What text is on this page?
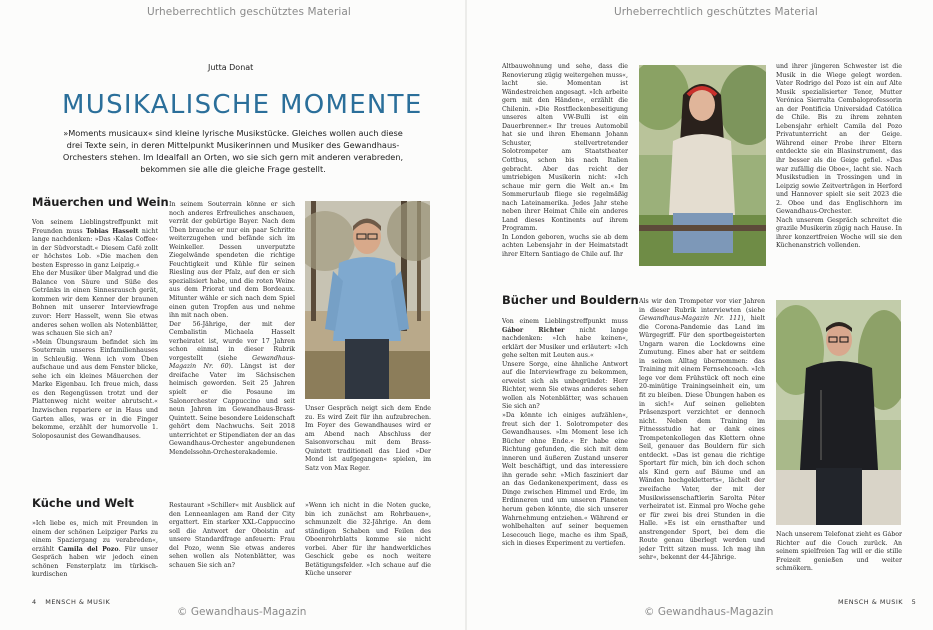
Urheberrechtlich geschütztes Material	Urheberrechtlich geschütztes Material
Jutta Donat
MUSIKALISCHE MOMENTE
»Moments musicaux« sind kleine lyrische Musikstücke. Gleiches wollen auch diese drei Texte sein, in deren Mittelpunkt Musikerinnen und Musiker des Gewandhaus-Orchesters stehen. Im Idealfall an Orten, wo sie sich gern mit anderen verabreden, bekommen sie alle die gleiche Frage gestellt.
Mäuerchen und Wein
Küche und Welt
Bücher und Bouldern

Von seinem Lieblingstreffpunkt mit Freunden muss Tobias Hasselt nicht lange nachdenken: »Das ›Kalas Coffee‹ in der Südvorstadt.« Diesem Café zollt er höchstes Lob. »Die machen den besten Espresso in ganz Leipzig.«

Ehe der Musiker über Malgrad und die Balance von Säure und Süße des Getränks in einen Sinnesrausch gerät, kommen wir dem Kenner der braunen Bohnen mit unserer Interviewfrage zuvor: Herr Hasselt, wenn Sie etwas anderes sehen wollen als Notenblätter, was schauen Sie sich an?

»Mein Übungsraum befindet sich im Souterrain unseres Einfamilienhauses in Schleußig. Wenn ich vom Üben aufschaue und aus dem Fenster blicke, sehe ich ein kleines Mäuerchen der Marke Eigenbau. Ich freue mich, dass es den Regengüssen trotzt und der Plattenweg nicht weiter abrutscht.« Inzwischen repariere er in Haus und Garten alles, was er in die Finger bekomme, erzählt der humorvolle 1. Soloposaunist des Gewandhauses.

In seinem Souterrain könne er sich noch anderes Erfreuliches anschauen, verrät der gebürtige Bayer. Nach dem Üben brauche er nur ein paar Schritte weiterzugehen und befände sich im Weinkeller. Dessen unverputzte Ziegelwände spendeten die richtige Feuchtigkeit und Kühle für seinen Riesling aus der Pfalz, auf den er sich spezialisiert habe, und die roten Weine aus dem Priorat und dem Bordeaux. Mitunter wähle er sich nach dem Spiel einen guten Tropfen aus und nehme ihn mit nach oben.

Der 56-Jährige, der mit der Cembalistin Michaela Hasselt verheiratet ist, wurde vor 17 Jahren schon einmal in dieser Rubrik vorgestellt (siehe Gewandhaus-Magazin Nr. 60). Längst ist der dreifache Vater im Sächsischen heimisch geworden. Seit 25 Jahren spielt er die Posaune im Salonorchester Cappuccino und seit neun Jahren im Gewandhaus-Brass-Quintett. Seine besondere Leidenschaft gehört dem Nachwuchs. Seit 2018 unterrichtet er Stipendiaten der an das Gewandhaus-Orchester angebundenen Mendelssohn-Orchesterakademie.

Unser Gespräch neigt sich dem Ende zu. Es wird Zeit für ihn aufzubrechen. Im Foyer des Gewandhauses wird er am Abend nach Abschluss der Saisonvorschau mit dem Brass-Quintett traditionell das Lied »Der Mond ist aufgegangen« spielen, im Satz von Max Reger.

»Ich liebe es, mich mit Freunden in einem der schönen Leipziger Parks zu einem Spaziergang zu verabreden«, erzählt Camila del Pozo. Für unser Gespräch haben wir jedoch einen schönen Fensterplatz im türkisch-kurdischen

Restaurant »Schiller« mit Ausblick auf den Lenneanlagen am Rand der City ergattert. Ein starker XXL-Cappuccino soll die Antwort der Oboistin auf unsere Standardfrage anfeuern: Frau del Pozo, wenn Sie etwas anderes sehen wollen als Notenblätter, was schauen Sie sich an?

»Wenn ich nicht in die Noten gucke, bin ich zunächst am Rohrbauen«, schmunzelt die 32-Jährige. An dem ständigen Schaben und Feilen des Oboenrohrblatts komme sie nicht vorbei. Aber für ihr handwerkliches Geschick gebe es noch weitere Betätigungsfelder. »Ich schaue auf die Küche unserer

Altbauwohnung und sehe, dass die Renovierung zügig weitergehen muss«, lacht sie. Momentan ist Wändestreichen angesagt. »Ich arbeite gern mit den Händen«, erzählt die Chilenin. »Die Rostfleckenbeseitigung unseres alten VW-Bulli ist ein Dauerbrenner.« Ihr treues Automobil hat sie und ihren Ehemann Johann Schuster, stellvertretender Solotrompeter am Staatstheater Cottbus, schon bis nach Italien gebracht. Aber das reicht der umtriebigen Musikerin nicht: »Ich schaue mir gern die Welt an.« Im Sommerurlaub fliege sie regelmäßig nach Lateinamerika. Jedes Jahr stehe neben ihrer Heimat Chile ein anderes Land dieses Kontinents auf ihrem Programm.

In London geboren, wuchs sie ab dem achten Lebensjahr in der Heimatstadt ihrer Eltern Santiago de Chile auf. Ihr

und ihrer jüngeren Schwester ist die Musik in die Wiege gelegt worden. Vater Rodrigo del Pozo ist ein auf Alte Musik spezialisierter Tenor, Mutter Verónica Sierralta Cembaloprofessorin an der Pontificia Universidad Católica de Chile. Bis zu ihrem zehnten Lebensjahr erhielt Camila del Pozo Privatunterricht an der Geige. Während einer Probe ihrer Eltern entdeckte sie ein Blasinstrument, das ihr besser als die Geige gefiel. »Das war zufällig die Oboe«, lacht sie. Nach Musikstudien in Trossingen und in Leipzig sowie Zeitverträgen in Herford und Hannover spielt sie seit 2023 die 2. Oboe und das Englischhorn im Gewandhaus-Orchester.

Nach unserem Gespräch schreitet die grazile Musikerin zügig nach Hause. In ihrer konzertfreien Woche will sie den Küchenanstrich vollenden.

Von einem Lieblingstreffpunkt muss Gábor Richter nicht lange nachdenken: »Ich habe keinen«, erklärt der Musiker und erläutert: »Ich gehe selten mit Leuten aus.«

Unsere Sorge, eine ähnliche Antwort auf die Interviewfrage zu bekommen, erweist sich als unbegründet: Herr Richter, wenn Sie etwas anderes sehen wollen als Notenblätter, was schauen Sie sich an?

»Da könnte ich einiges aufzählen«, freut sich der 1. Solotrompeter des Gewandhauses. »Im Moment lese ich Bücher ohne Ende.« Er habe eine Richtung gefunden, die sich mit dem inneren und äußeren Zustand unserer Welt beschäftigt, und das interessiere ihn gerade sehr. »Mich fasziniert dar an das Gedankenexperiment, dass es Dinge zwischen Himmel und Erde, im Erdinneren und um unseren Planeten herum geben könnte, die sich unserer Wahrnehmung entziehen.« Während er wohlbehalten auf seiner bequemen Lesecouch liege, mache es ihm Spaß, sich in dieses Experiment zu vertiefen.

Als wir den Trompeter vor vier Jahren in dieser Rubrik interviewten (siehe Gewandhaus-Magazin Nr. 111), hielt die Corona-Pandemie das Land im Würgegriff. Für den sportbegeisterten Ungarn waren die Lockdowns eine Zumutung. Eines aber hat er seitdem in seinen Alltag übernommen: das Training mit einem Fernsehcoach. »Ich lege vor dem Frühstück oft noch eine 20-minütige Trainingseinheit ein, um fit zu bleiben. Diese Übungen haben es in sich!« Auf seinen geliebten Präsenzsport verzichtet er dennoch nicht. Neben dem Training im Fitnessstudio hat er dank eines Trompetenkollegen das Klettern ohne Seil, genauer das Bouldern für sich entdeckt. »Das ist genau die richtige Sportart für mich, bin ich doch schon als Kind gern auf Bäume und an Wänden hochgekletterts«, lächelt der zweifache Vater, der mit der Musikwissenschaftlerin Sarolta Péter verheiratet ist. Einmal pro Woche gehe er für zwei bis drei Stunden in die Halle. »Es ist ein ernsthafter und anstrengender Sport, bei dem die Route genau überlegt werden und jeder Tritt sitzen muss. Ich mag ihn sehr«, bekennt der 44-Jährige.

Nach unserem Telefonat zieht es Gábor Richter auf die Couch zurück. An seinem spielfreien Tag will er die stille Freizeit genießen und weiter schmökern.

4 MENSCH & MUSIK	MENSCH & MUSIK 5
© Gewandhaus-Magazin	© Gewandhaus-Magazin
